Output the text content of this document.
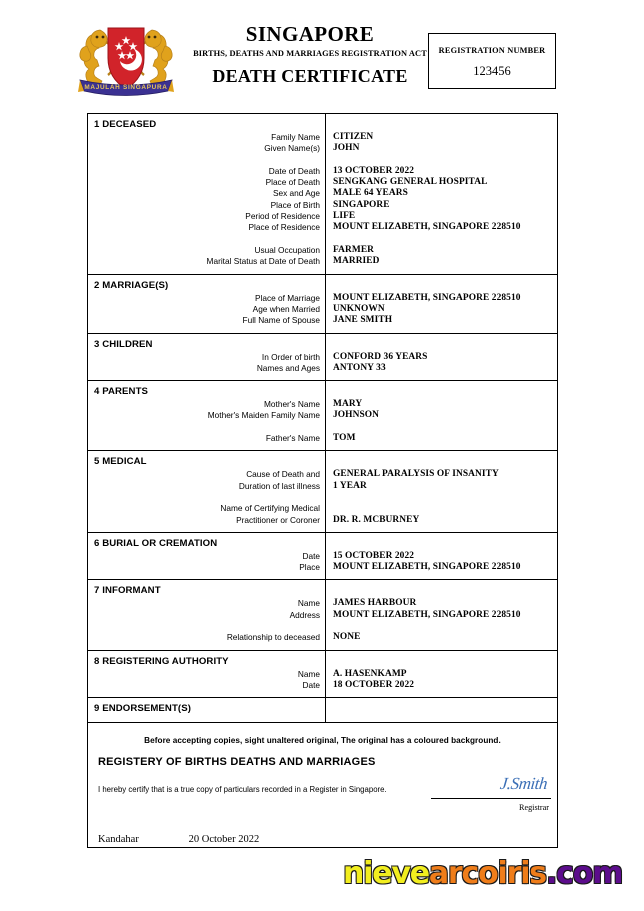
MAJULAH SINGAPURA
SINGAPORE
BIRTHS, DEATHS AND MARRIAGES REGISTRATION ACT
DEATH CERTIFICATE
REGISTRATION NUMBER
123456
1 DECEASED
Family Name
Given Name(s)
Date of Death
Place of Death
Sex and Age
Place of Birth
Period of Residence
Place of Residence
Usual Occupation
Marital Status at Date of Death
CITIZEN
JOHN
13 OCTOBER 2022
SENGKANG GENERAL HOSPITAL
MALE 64 YEARS
SINGAPORE
LIFE
MOUNT ELIZABETH, SINGAPORE 228510
FARMER
MARRIED
2 MARRIAGE(S)
Place of Marriage
Age when Married
Full Name of Spouse
MOUNT ELIZABETH, SINGAPORE 228510
UNKNOWN
JANE SMITH
3 CHILDREN
In Order of birth
Names and Ages
CONFORD 36 YEARS
ANTONY 33
4 PARENTS
Mother's Name
Mother's Maiden Family Name
Father's Name
MARY
JOHNSON
TOM
5 MEDICAL
Cause of Death and
Duration of last illness
Name of Certifying Medical
Practitioner or Coroner
GENERAL PARALYSIS OF INSANITY
1 YEAR
DR. R. MCBURNEY
6 BURIAL OR CREMATION
Date
Place
15 OCTOBER 2022
MOUNT ELIZABETH, SINGAPORE 228510
7 INFORMANT
Name
Address
Relationship to deceased
JAMES HARBOUR
MOUNT ELIZABETH, SINGAPORE 228510
NONE
8 REGISTERING AUTHORITY
Name
Date
A. HASENKAMP
18 OCTOBER 2022
9 ENDORSEMENT(S)
Before accepting copies, sight unaltered original, The original has a coloured background.
REGISTERY OF BIRTHS DEATHS AND MARRIAGES
I hereby certify that is a true copy of particulars recorded in a Register in Singapore.	J.Smith
Registrar
Kandahar	20 October 2022
nievearcoiris.com
